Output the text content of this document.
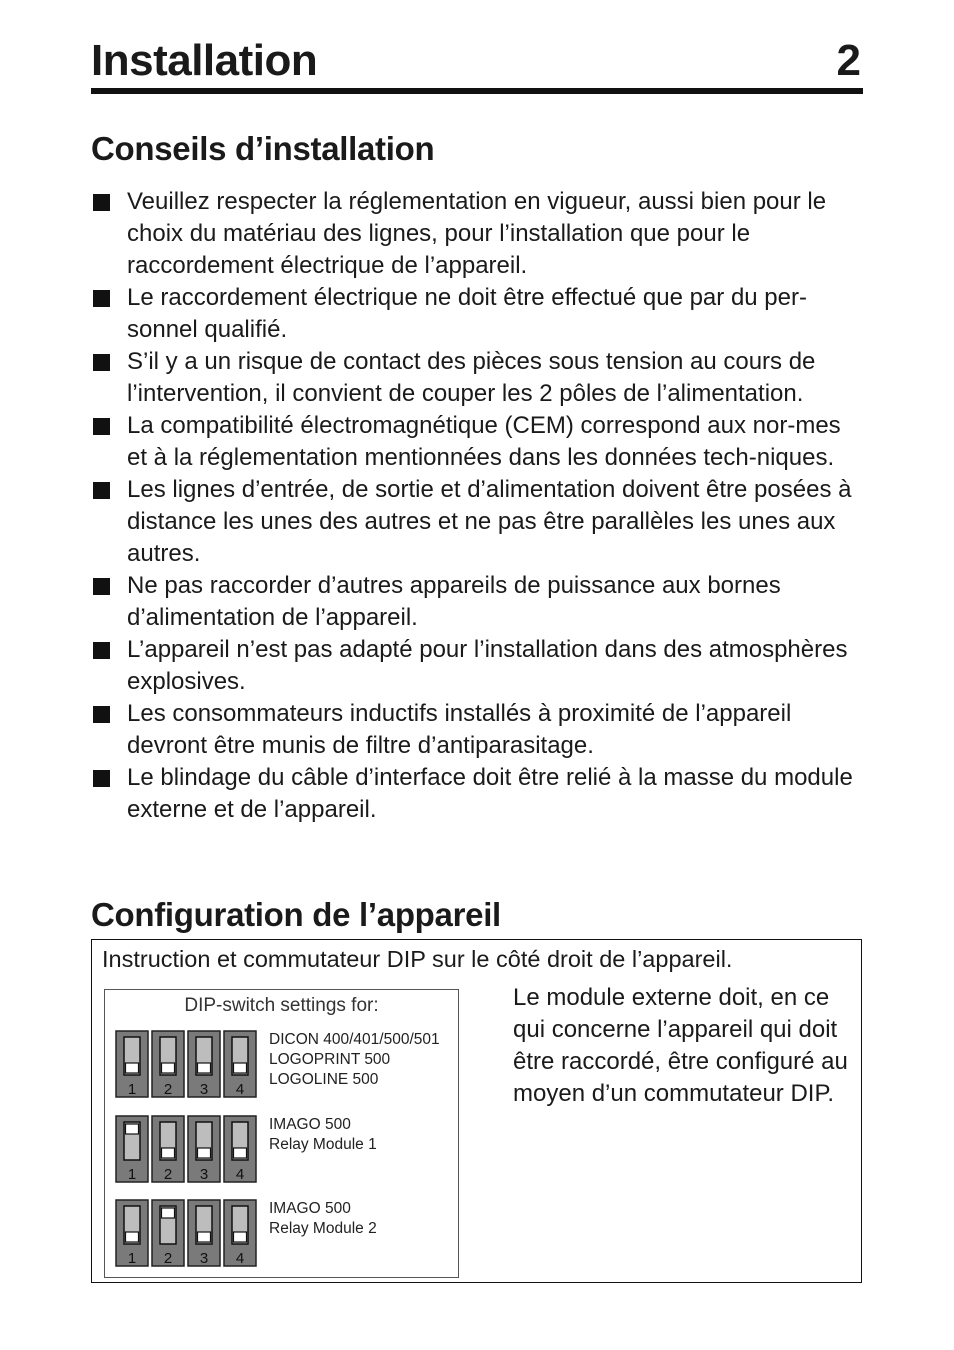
Installation	2
Conseils d’installation
Veuillez respecter la réglementation en vigueur, aussi bien pour le choix du matériau des lignes, pour l’installation que pour le raccordement électrique de l’appareil.
Le raccordement électrique ne doit être effectué que par du per-sonnel qualifié.
S’il y a un risque de contact des pièces sous tension au cours de l’intervention, il convient de couper les 2 pôles de l’alimentation.
La compatibilité électromagnétique (CEM) correspond aux nor-mes et à la réglementation mentionnées dans les données tech-niques.
Les lignes d’entrée, de sortie et d’alimentation doivent être posées à distance les unes des autres et ne pas être parallèles les unes aux autres.
Ne pas raccorder d’autres appareils de puissance aux bornes d’alimentation de l’appareil.
L’appareil n’est pas adapté pour l’installation dans des atmosphères explosives.
Les consommateurs inductifs installés à proximité de l’appareil devront être munis de filtre d’antiparasitage.
Le blindage du câble d’interface doit être relié à la masse du module externe et de l’appareil.
Configuration de l’appareil
Instruction et commutateur DIP sur le côté droit de l’appareil.
DIP-switch settings for:
1 2 3 4
DICON 400/401/500/501
LOGOPRINT 500
LOGOLINE 500
1 2 3 4
IMAGO 500
Relay Module 1
1 2 3 4
IMAGO 500
Relay Module 2
Le module externe doit, en ce qui concerne l’appareil qui doit être raccordé, être configuré au moyen d’un commutateur DIP.
